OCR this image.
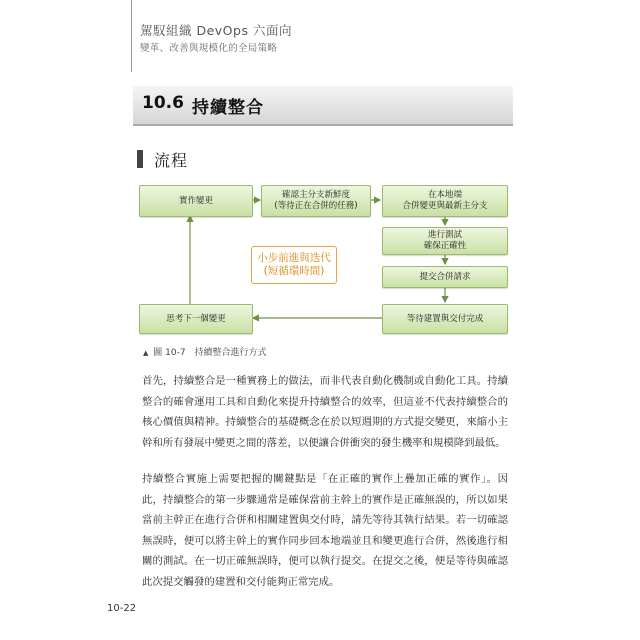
駕馭組織 DevOps 六面向
變革、改善與規模化的全局策略
10.6 持續整合
流程
實作變更
確認主分支新鮮度
(等待正在合併的任務)
在本地端
合併變更與最新主分支
進行測試
確保正確性
提交合併請求
等待建置與交付完成
思考下一個變更
小步前進與迭代
(短循環時間)
▲ 圖 10-7 持續整合進行方式

首先，持續整合是一種實務上的做法，而非代表自動化機制或自動化工具。持續整合的確會運用工具和自動化來提升持續整合的效率，但這並不代表持續整合的核心價值與精神。持續整合的基礎概念在於以短週期的方式提交變更，來縮小主幹和所有發展中變更之間的落差，以便讓合併衝突的發生機率和規模降到最低。

持續整合實施上需要把握的關鍵點是「在正確的實作上疊加正確的實作」。因此，持續整合的第一步驟通常是確保當前主幹上的實作是正確無誤的，所以如果當前主幹正在進行合併和相關建置與交付時，請先等待其執行結果。若一切確認無誤時，便可以將主幹上的實作同步回本地端並且和變更進行合併，然後進行相關的測試。在一切正確無誤時，便可以執行提交。在提交之後，便是等待與確認此次提交觸發的建置和交付能夠正常完成。

10-22
